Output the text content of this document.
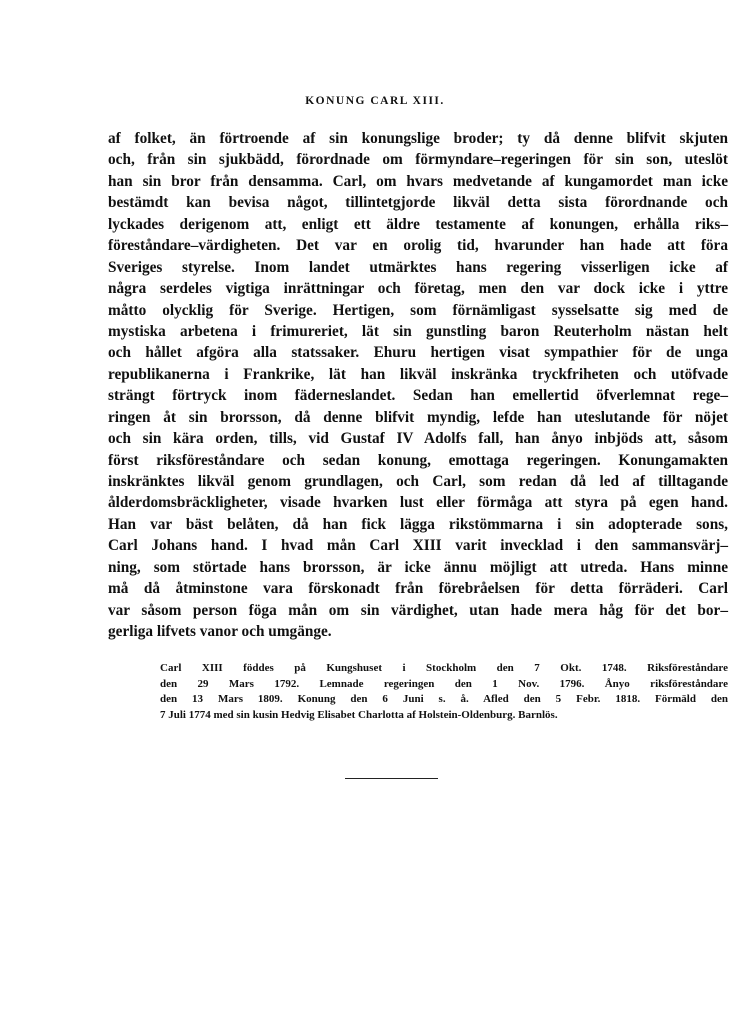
KONUNG CARL XIII.
af folket, än förtroende af sin konungslige broder; ty då denne blifvit skjuten
och, från sin sjukbädd, förordnade om förmyndare–regeringen för sin son, uteslöt
han sin bror från densamma. Carl, om hvars medvetande af kungamordet man icke
bestämdt kan bevisa något, tillintetgjorde likväl detta sista förordnande och
lyckades derigenom att, enligt ett äldre testamente af konungen, erhålla riks–
föreståndare–värdigheten. Det var en orolig tid, hvarunder han hade att föra
Sveriges styrelse. Inom landet utmärktes hans regering visserligen icke af
några serdeles vigtiga inrättningar och företag, men den var dock icke i yttre
måtto olycklig för Sverige. Hertigen, som förnämligast sysselsatte sig med de
mystiska arbetena i frimureriet, lät sin gunstling baron Reuterholm nästan helt
och hållet afgöra alla statssaker. Ehuru hertigen visat sympathier för de unga
republikanerna i Frankrike, lät han likväl inskränka tryckfriheten och utöfvade
strängt förtryck inom fäderneslandet. Sedan han emellertid öfverlemnat rege–
ringen åt sin brorsson, då denne blifvit myndig, lefde han uteslutande för nöjet
och sin kära orden, tills, vid Gustaf IV Adolfs fall, han ånyo inbjöds att, såsom
först riksföreståndare och sedan konung, emottaga regeringen. Konungamakten
inskränktes likväl genom grundlagen, och Carl, som redan då led af tilltagande
ålderdomsbräckligheter, visade hvarken lust eller förmåga att styra på egen hand.
Han var bäst belåten, då han fick lägga rikstömmarna i sin adopterade sons,
Carl Johans hand. I hvad mån Carl XIII varit invecklad i den sammansvärj–
ning, som störtade hans brorsson, är icke ännu möjligt att utreda. Hans minne
må då åtminstone vara förskonadt från förebråelsen för detta förräderi. Carl
var såsom person föga mån om sin värdighet, utan hade mera håg för det bor–
gerliga lifvets vanor och umgänge.
Carl XIII föddes på Kungshuset i Stockholm den 7 Okt. 1748. Riksföreståndare
den 29 Mars 1792. Lemnade regeringen den 1 Nov. 1796. Ånyo riksföreståndare
den 13 Mars 1809. Konung den 6 Juni s. å. Afled den 5 Febr. 1818. Förmäld den
7 Juli 1774 med sin kusin Hedvig Elisabet Charlotta af Holstein-Oldenburg. Barnlös.
